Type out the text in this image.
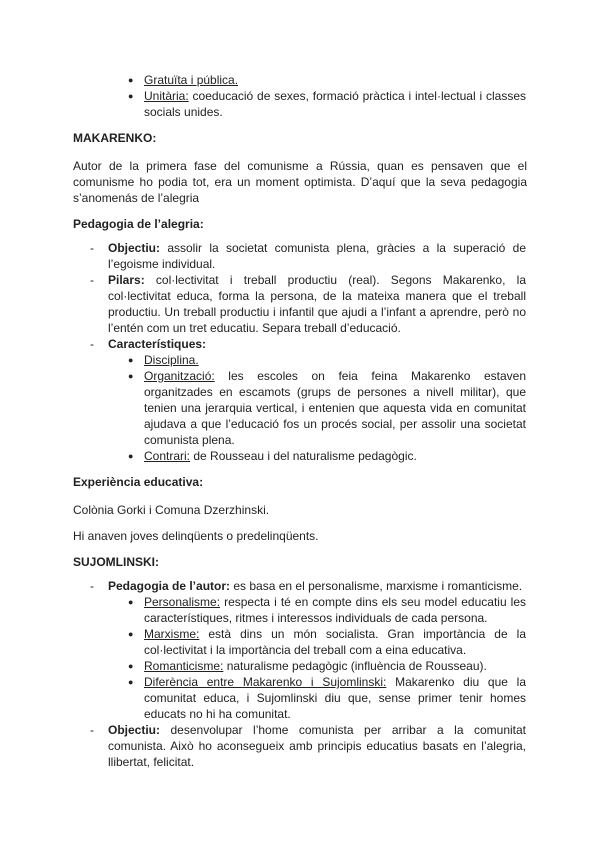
● Gratuïta i pública.
● Unitària: coeducació de sexes, formació pràctica i intel·lectual i classes socials unides.
MAKARENKO:
Autor de la primera fase del comunisme a Rússia, quan es pensaven que el comunisme ho podia tot, era un moment optimista. D’aquí que la seva pedagogia s’anomenás de l’alegria
Pedagogia de l’alegria:
- Objectiu: assolir la societat comunista plena, gràcies a la superació de l’egoisme individual.
- Pilars: col·lectivitat i treball productiu (real). Segons Makarenko, la col·lectivitat educa, forma la persona, de la mateixa manera que el treball productiu. Un treball productiu i infantil que ajudi a l’infant a aprendre, però no l’entén com un tret educatiu. Separa treball d’educació.
- Característiques:
● Disciplina.
● Organització: les escoles on feia feina Makarenko estaven organitzades en escamots (grups de persones a nivell militar), que tenien una jerarquia vertical, i entenien que aquesta vida en comunitat ajudava a que l’educació fos un procés social, per assolir una societat comunista plena.
● Contrari: de Rousseau i del naturalisme pedagògic.
Experiència educativa:
Colònia Gorki i Comuna Dzerzhinski.
Hi anaven joves delinqüents o predelinqüents.
SUJOMLINSKI:
- Pedagogia de l’autor: es basa en el personalisme, marxisme i romanticisme.
● Personalisme: respecta i té en compte dins els seu model educatiu les característiques, ritmes i interessos individuals de cada persona.
● Marxisme: està dins un món socialista. Gran importància de la col·lectivitat i la importància del treball com a eina educativa.
● Romanticisme: naturalisme pedagògic (influència de Rousseau).
● Diferència entre Makarenko i Sujomlinski: Makarenko diu que la comunitat educa, i Sujomlinski diu que, sense primer tenir homes educats no hi ha comunitat.
- Objectiu: desenvolupar l’home comunista per arribar a la comunitat comunista. Això ho aconsegueix amb principis educatius basats en l’alegria, llibertat, felicitat.
